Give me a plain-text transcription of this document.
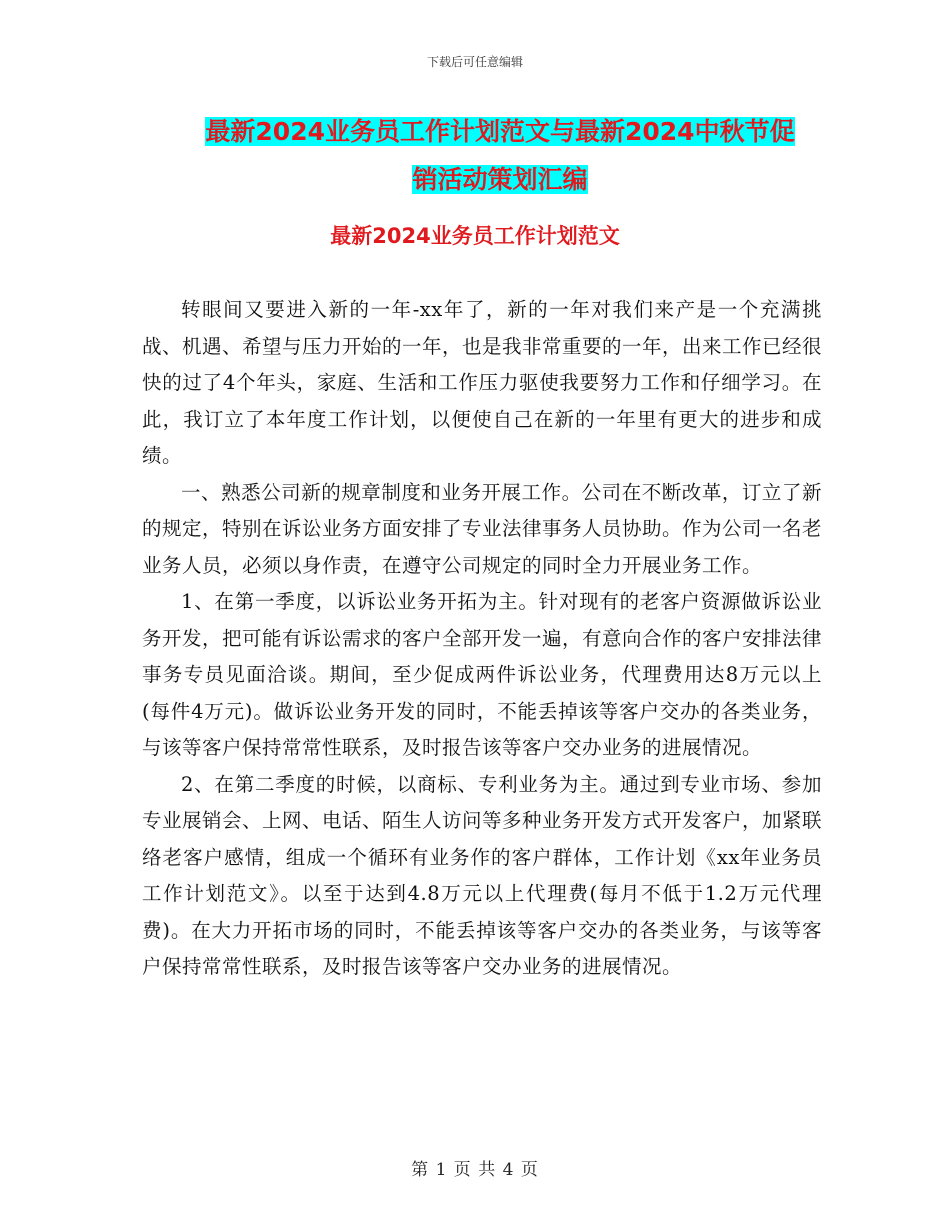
下载后可任意编辑
最新2024业务员工作计划范文与最新2024中秋节促
销活动策划汇编
最新2024业务员工作计划范文

转眼间又要进入新的一年-xx年了，新的一年对我们来产是一个充满挑战、机遇、希望与压力开始的一年，也是我非常重要的一年，出来工作已经很快的过了4个年头，家庭、生活和工作压力驱使我要努力工作和仔细学习。在此，我订立了本年度工作计划，以便使自己在新的一年里有更大的进步和成绩。

一、熟悉公司新的规章制度和业务开展工作。公司在不断改革，订立了新的规定，特别在诉讼业务方面安排了专业法律事务人员协助。作为公司一名老业务人员，必须以身作责，在遵守公司规定的同时全力开展业务工作。

1、在第一季度，以诉讼业务开拓为主。针对现有的老客户资源做诉讼业务开发，把可能有诉讼需求的客户全部开发一遍，有意向合作的客户安排法律事务专员见面洽谈。期间，至少促成两件诉讼业务，代理费用达8万元以上(每件4万元)。做诉讼业务开发的同时，不能丢掉该等客户交办的各类业务，与该等客户保持常常性联系，及时报告该等客户交办业务的进展情况。

2、在第二季度的时候，以商标、专利业务为主。通过到专业市场、参加专业展销会、上网、电话、陌生人访问等多种业务开发方式开发客户，加紧联络老客户感情，组成一个循环有业务作的客户群体，工作计划《xx年业务员工作计划范文》。以至于达到4.8万元以上代理费(每月不低于1.2万元代理费)。在大力开拓市场的同时，不能丢掉该等客户交办的各类业务，与该等客户保持常常性联系，及时报告该等客户交办业务的进展情况。

第 1 页 共 4 页
